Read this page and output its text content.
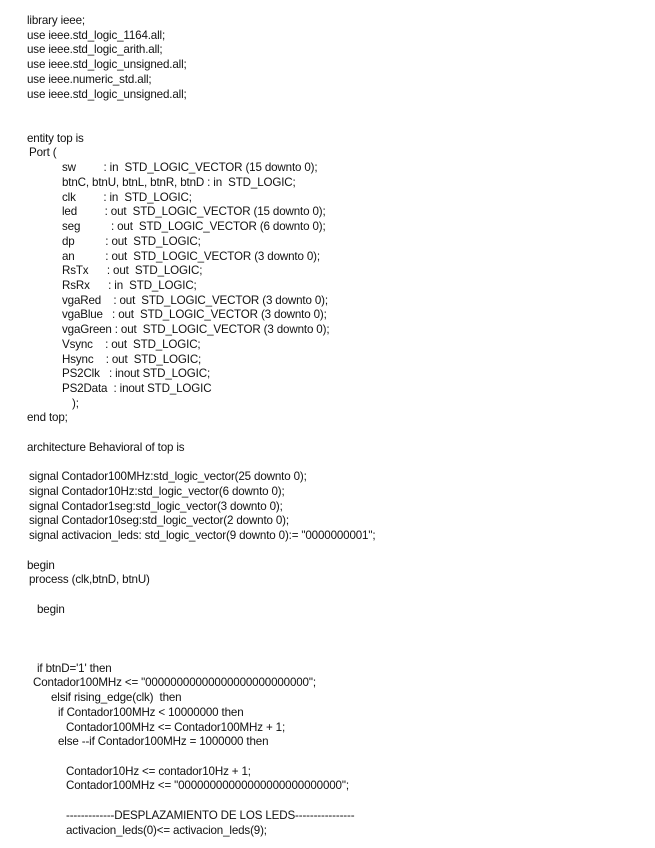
library ieee;
use ieee.std_logic_1164.all;
use ieee.std_logic_arith.all;
use ieee.std_logic_unsigned.all;
use ieee.numeric_std.all;
use ieee.std_logic_unsigned.all;
entity top is
Port (
sw         : in  STD_LOGIC_VECTOR (15 downto 0);
btnC, btnU, btnL, btnR, btnD : in  STD_LOGIC;
clk         : in  STD_LOGIC;
led         : out  STD_LOGIC_VECTOR (15 downto 0);
seg          : out  STD_LOGIC_VECTOR (6 downto 0);
dp          : out  STD_LOGIC;
an          : out  STD_LOGIC_VECTOR (3 downto 0);
RsTx      : out  STD_LOGIC;
RsRx      : in  STD_LOGIC;
vgaRed    : out  STD_LOGIC_VECTOR (3 downto 0);
vgaBlue   : out  STD_LOGIC_VECTOR (3 downto 0);
vgaGreen : out  STD_LOGIC_VECTOR (3 downto 0);
Vsync    : out  STD_LOGIC;
Hsync    : out  STD_LOGIC;
PS2Clk   : inout STD_LOGIC;
PS2Data  : inout STD_LOGIC
);
end top;
architecture Behavioral of top is
signal Contador100MHz:std_logic_vector(25 downto 0);
signal Contador10Hz:std_logic_vector(6 downto 0);
signal Contador1seg:std_logic_vector(3 downto 0);
signal Contador10seg:std_logic_vector(2 downto 0);
signal activacion_leds: std_logic_vector(9 downto 0):= "0000000001";
begin
process (clk,btnD, btnU)
begin
if btnD='1' then
Contador100MHz <= "00000000000000000000000000";
elsif rising_edge(clk)  then
if Contador100MHz < 10000000 then
Contador100MHz <= Contador100MHz + 1;
else --if Contador100MHz = 1000000 then
Contador10Hz <= contador10Hz + 1;
Contador100MHz <= "00000000000000000000000000";
-------------DESPLAZAMIENTO DE LOS LEDS----------------
activacion_leds(0)<= activacion_leds(9);
